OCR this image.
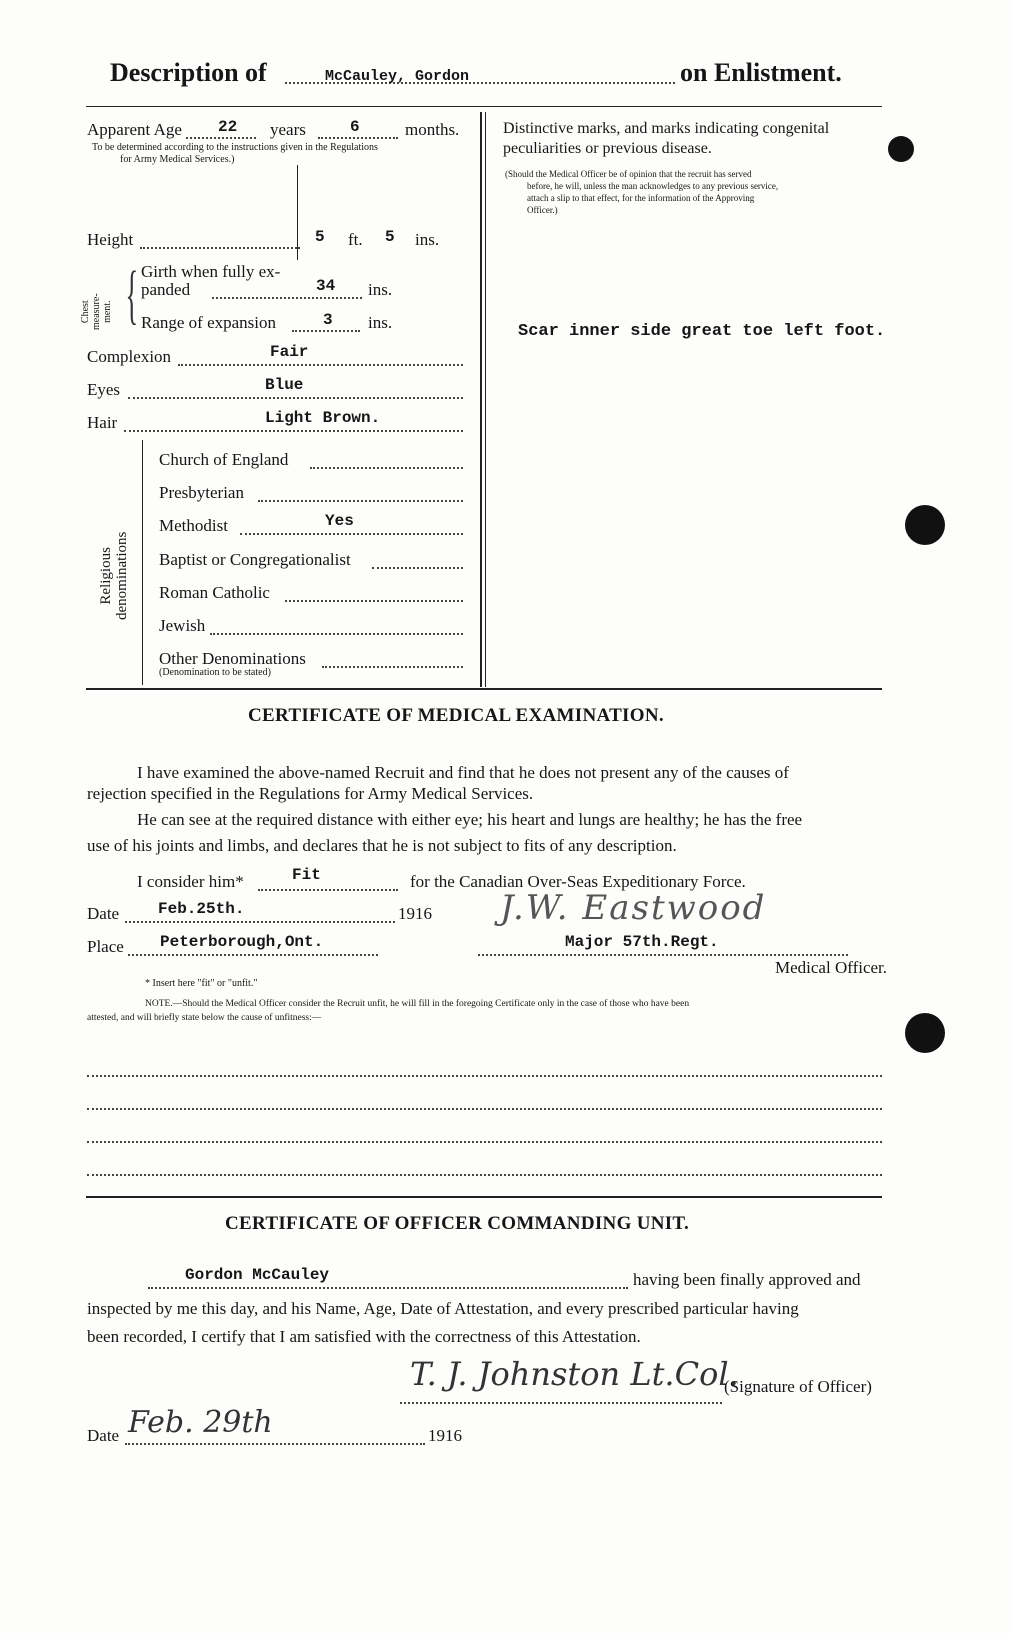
Description of	McCauley, Gordon	on Enlistment.
Apparent Age 22 years	6	months.
To be determined according to the instructions given in the Regulations
for Army Medical Services.)
Height	5 ft. 5 ins.
Chest measure- ment. { Girth when fully ex-
panded	34 ins.
Range of expansion	3 ins.
Complexion	Fair
Eyes	Blue
Hair	Light Brown.
Religious denominations
Church of England
Presbyterian
Methodist	Yes
Baptist or Congregationalist
Roman Catholic
Jewish
Other Denominations
(Denomination to be stated)
Distinctive marks, and marks indicating congenital
peculiarities or previous disease.
(Should the Medical Officer be of opinion that the recruit has served
before, he will, unless the man acknowledges to any previous service,
attach a slip to that effect, for the information of the Approving
Officer.)
Scar inner side great toe left foot.
CERTIFICATE OF MEDICAL EXAMINATION.
I have examined the above-named Recruit and find that he does not present any of the causes of
rejection specified in the Regulations for Army Medical Services.
He can see at the required distance with either eye; his heart and lungs are healthy; he has the free
use of his joints and limbs, and declares that he is not subject to fits of any description.
I consider him*	Fit	for the Canadian Over-Seas Expeditionary Force.
Date Feb.25th.	1916 J.W. Eastwood
Place Peterborough,Ont.	Major 57th.Regt.
Medical Officer.
* Insert here "fit" or "unfit."
NOTE.—Should the Medical Officer consider the Recruit unfit, he will fill in the foregoing Certificate only in the case of those who have been
attested, and will briefly state below the cause of unfitness:—
CERTIFICATE OF OFFICER COMMANDING UNIT.
Gordon McCauley	having been finally approved and
inspected by me this day, and his Name, Age, Date of Attestation, and every prescribed particular having
been recorded, I certify that I am satisfied with the correctness of this Attestation.
T. J. Johnston Lt.Col.
(Signature of Officer)
Date Feb. 29th	1916
